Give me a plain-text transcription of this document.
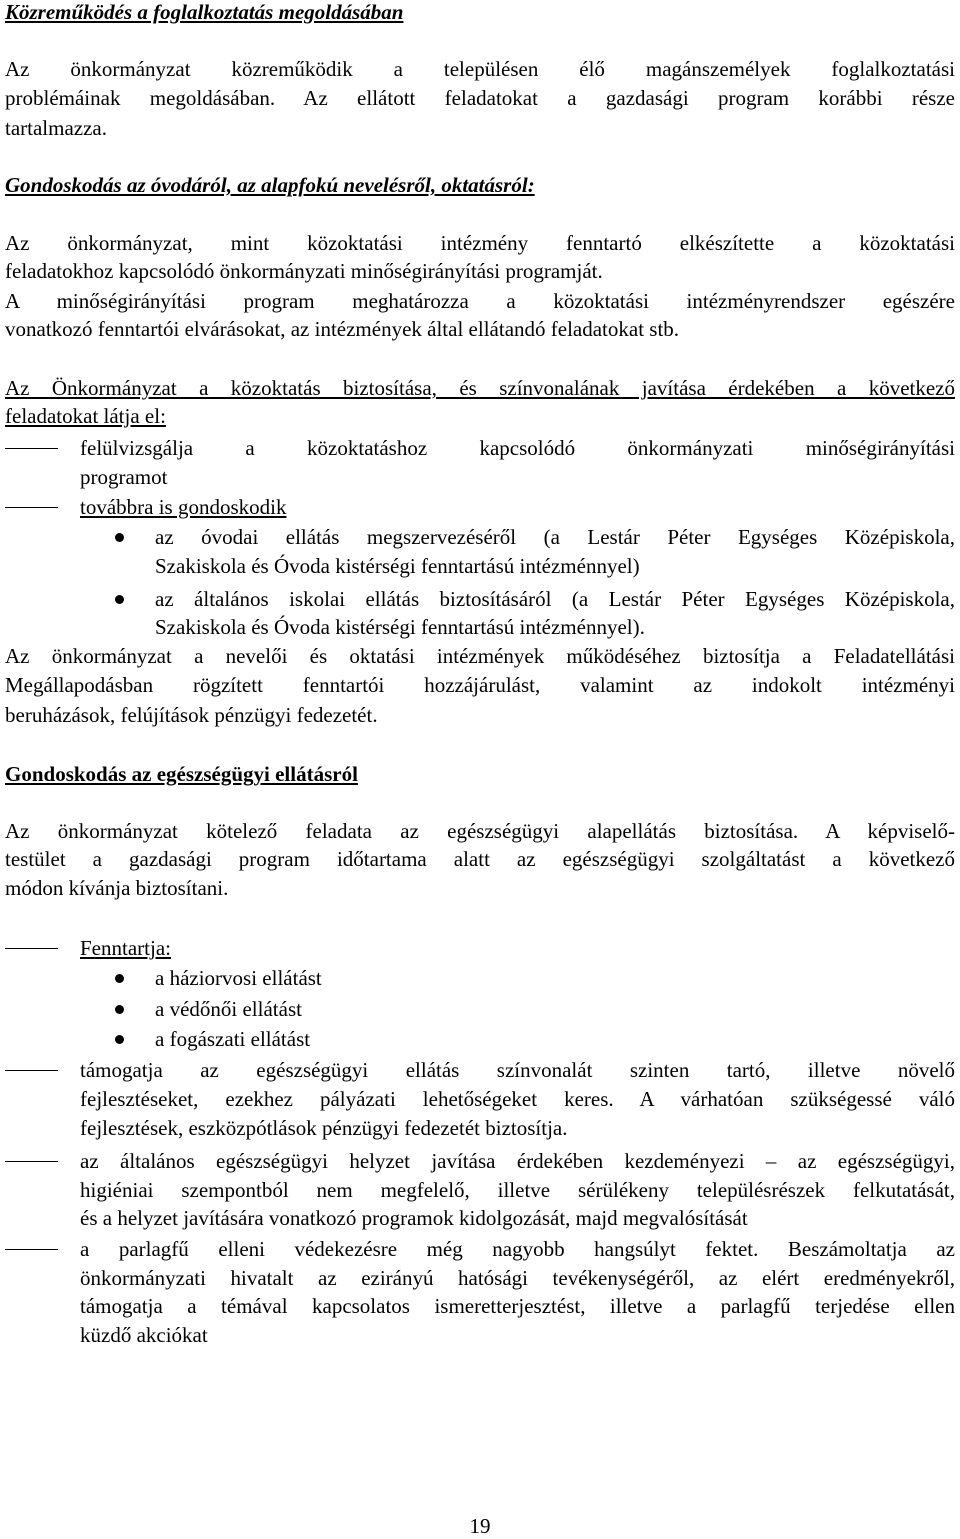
Közreműködés a foglalkoztatás megoldásában
Az önkormányzat közreműködik a településen élő magánszemélyek foglalkoztatási
problémáinak megoldásában. Az ellátott feladatokat a gazdasági program korábbi része
tartalmazza.
Gondoskodás az óvodáról, az alapfokú nevelésről, oktatásról:
Az önkormányzat, mint közoktatási intézmény fenntartó elkészítette a közoktatási
feladatokhoz kapcsolódó önkormányzati minőségirányítási programját.
A minőségirányítási program meghatározza a közoktatási intézményrendszer egészére
vonatkozó fenntartói elvárásokat, az intézmények által ellátandó feladatokat stb.
Az Önkormányzat a közoktatás biztosítása, és színvonalának javítása érdekében a következő
feladatokat látja el:
felülvizsgálja a közoktatáshoz kapcsolódó önkormányzati minőségirányítási
programot
továbbra is gondoskodik
az óvodai ellátás megszervezéséről (a Lestár Péter Egységes Középiskola,
Szakiskola és Óvoda kistérségi fenntartású intézménnyel)
az általános iskolai ellátás biztosításáról (a Lestár Péter Egységes Középiskola,
Szakiskola és Óvoda kistérségi fenntartású intézménnyel).
Az önkormányzat a nevelői és oktatási intézmények működéséhez biztosítja a Feladatellátási
Megállapodásban rögzített fenntartói hozzájárulást, valamint az indokolt intézményi
beruházások, felújítások pénzügyi fedezetét.
Gondoskodás az egészségügyi ellátásról
Az önkormányzat kötelező feladata az egészségügyi alapellátás biztosítása. A képviselő-
testület a gazdasági program időtartama alatt az egészségügyi szolgáltatást a következő
módon kívánja biztosítani.
Fenntartja:
a háziorvosi ellátást
a védőnői ellátást
a fogászati ellátást
támogatja az egészségügyi ellátás színvonalát szinten tartó, illetve növelő
fejlesztéseket, ezekhez pályázati lehetőségeket keres. A várhatóan szükségessé váló
fejlesztések, eszközpótlások pénzügyi fedezetét biztosítja.
az általános egészségügyi helyzet javítása érdekében kezdeményezi – az egészségügyi,
higiéniai szempontból nem megfelelő, illetve sérülékeny településrészek felkutatását,
és a helyzet javítására vonatkozó programok kidolgozását, majd megvalósítását
a parlagfű elleni védekezésre még nagyobb hangsúlyt fektet. Beszámoltatja az
önkormányzati hivatalt az ezirányú hatósági tevékenységéről, az elért eredményekről,
támogatja a témával kapcsolatos ismeretterjesztést, illetve a parlagfű terjedése ellen
küzdő akciókat
19
